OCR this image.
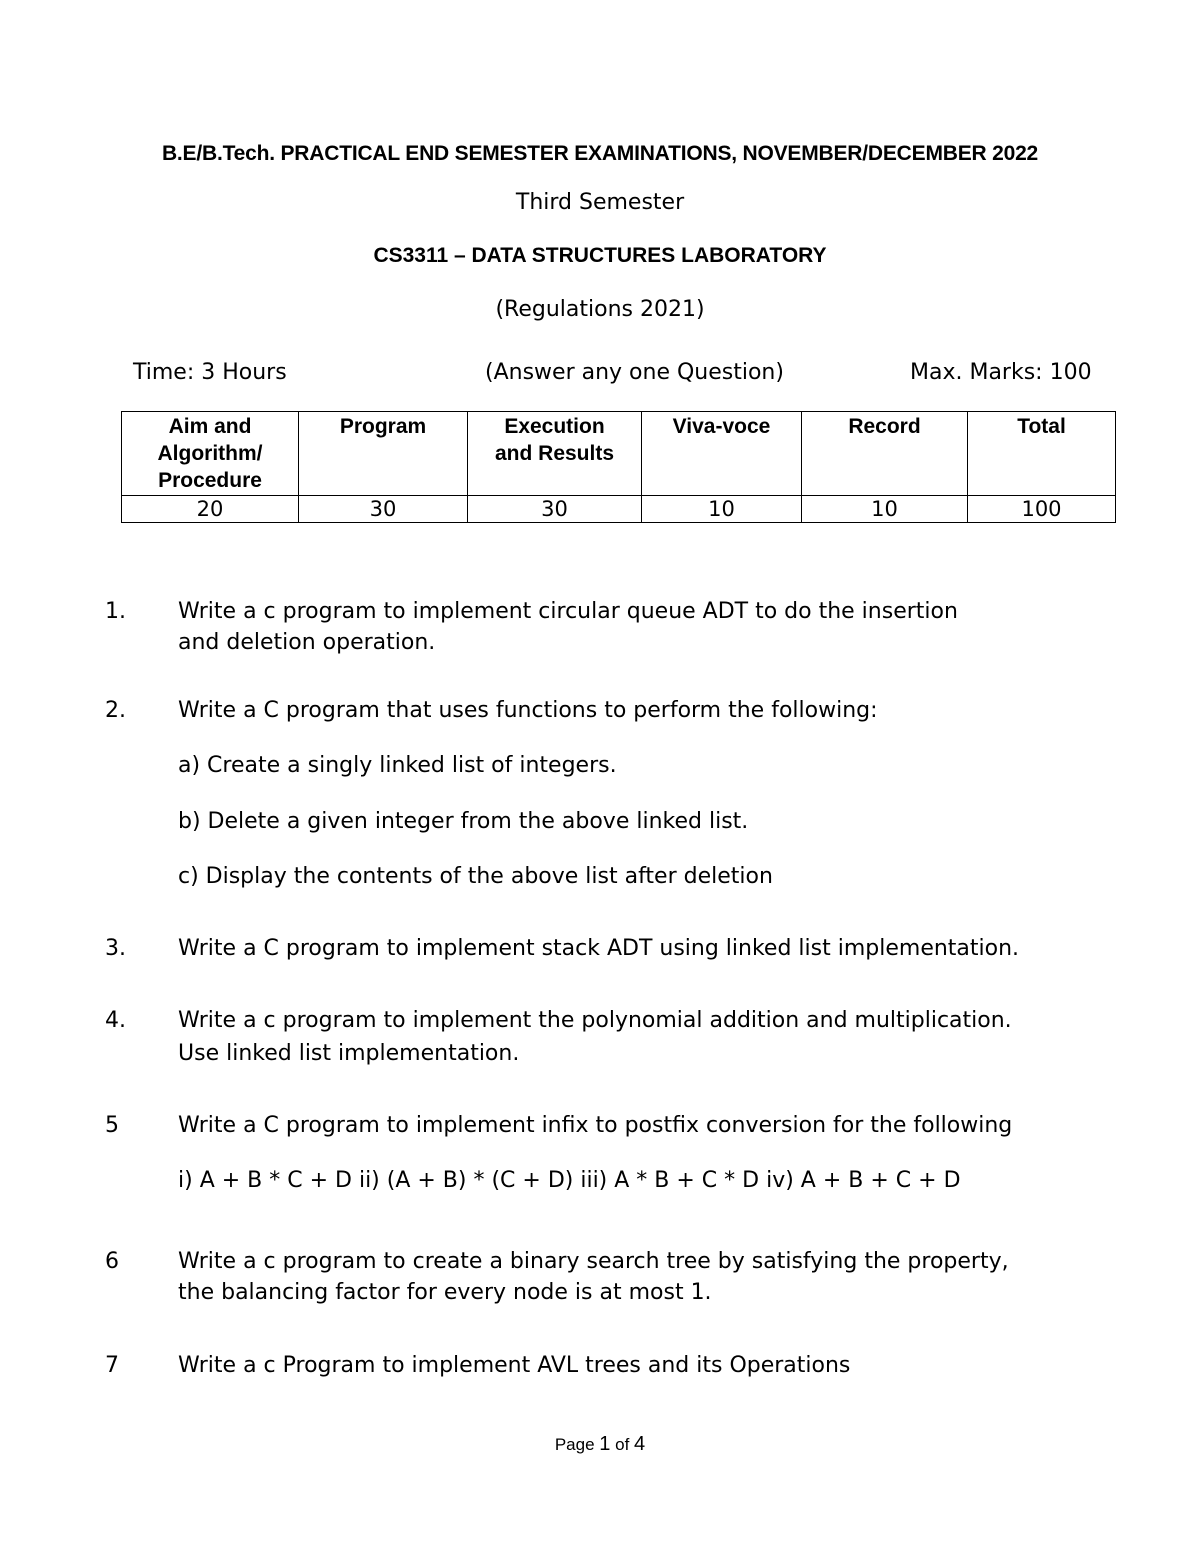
B.E/B.Tech. PRACTICAL END SEMESTER EXAMINATIONS, NOVEMBER/DECEMBER 2022
Third Semester
CS3311 – DATA STRUCTURES LABORATORY
(Regulations 2021)
Time: 3 Hours	(Answer any one Question)	Max. Marks: 100
Aim and Algorithm/ Procedure	Program	Execution and Results	Viva-voce	Record	Total
20	30	30	10	10	100
1. Write a c program to implement circular queue ADT to do the insertion
and deletion operation.
2. Write a C program that uses functions to perform the following:
a) Create a singly linked list of integers.
b) Delete a given integer from the above linked list.
c) Display the contents of the above list after deletion
3. Write a C program to implement stack ADT using linked list implementation.
4. Write a c program to implement the polynomial addition and multiplication.
Use linked list implementation.
5	Write a C program to implement infix to postfix conversion for the following
i) A + B * C + D ii) (A + B) * (C + D) iii) A * B + C * D iv) A + B + C + D
6	Write a c program to create a binary search tree by satisfying the property,
the balancing factor for every node is at most 1.
7	Write a c Program to implement AVL trees and its Operations
Page 1 of 4
